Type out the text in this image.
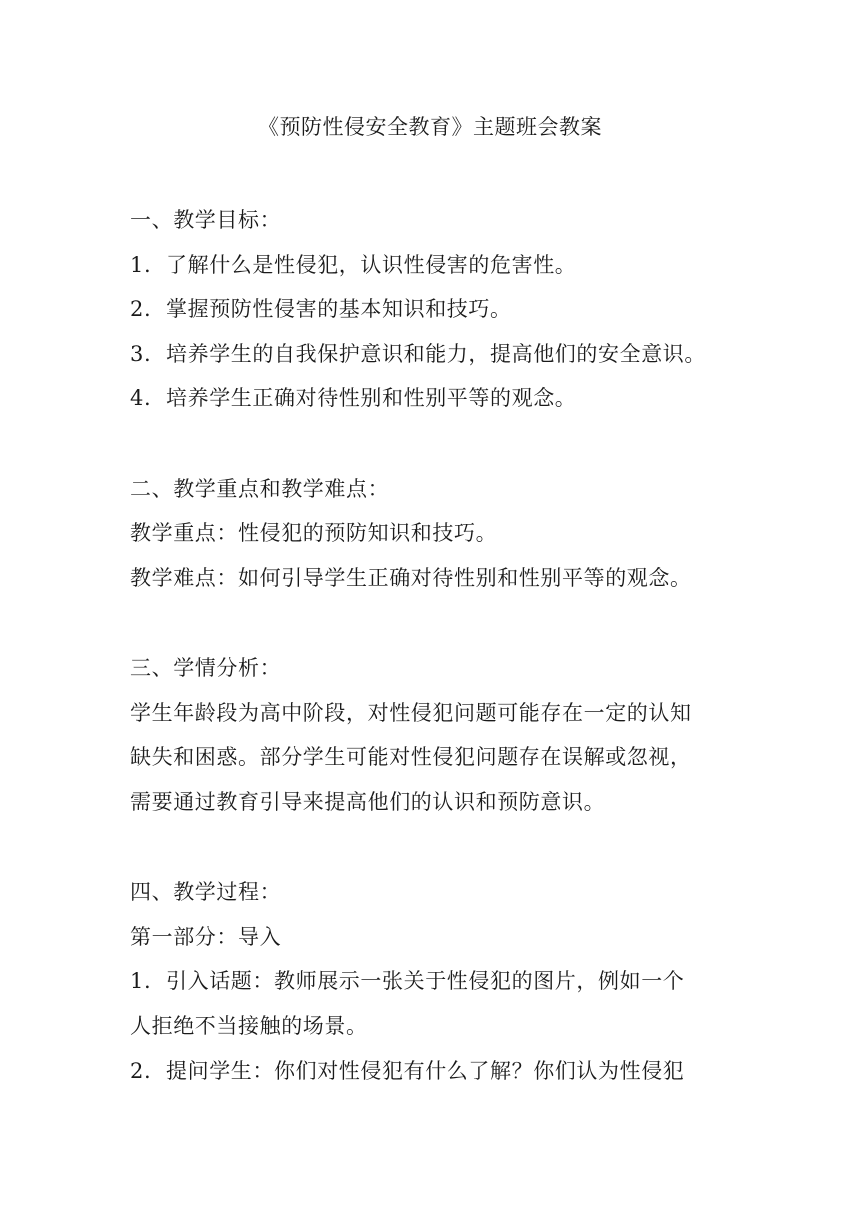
《预防性侵安全教育》主题班会教案
一、教学目标：
1. 了解什么是性侵犯，认识性侵害的危害性。
2. 掌握预防性侵害的基本知识和技巧。
3. 培养学生的自我保护意识和能力，提高他们的安全意识。
4. 培养学生正确对待性别和性别平等的观念。
二、教学重点和教学难点：
教学重点：性侵犯的预防知识和技巧。
教学难点：如何引导学生正确对待性别和性别平等的观念。
三、学情分析：
学生年龄段为高中阶段，对性侵犯问题可能存在一定的认知
缺失和困惑。部分学生可能对性侵犯问题存在误解或忽视，
需要通过教育引导来提高他们的认识和预防意识。
四、教学过程：
第一部分：导入
1. 引入话题：教师展示一张关于性侵犯的图片，例如一个
人拒绝不当接触的场景。
2. 提问学生：你们对性侵犯有什么了解？你们认为性侵犯
